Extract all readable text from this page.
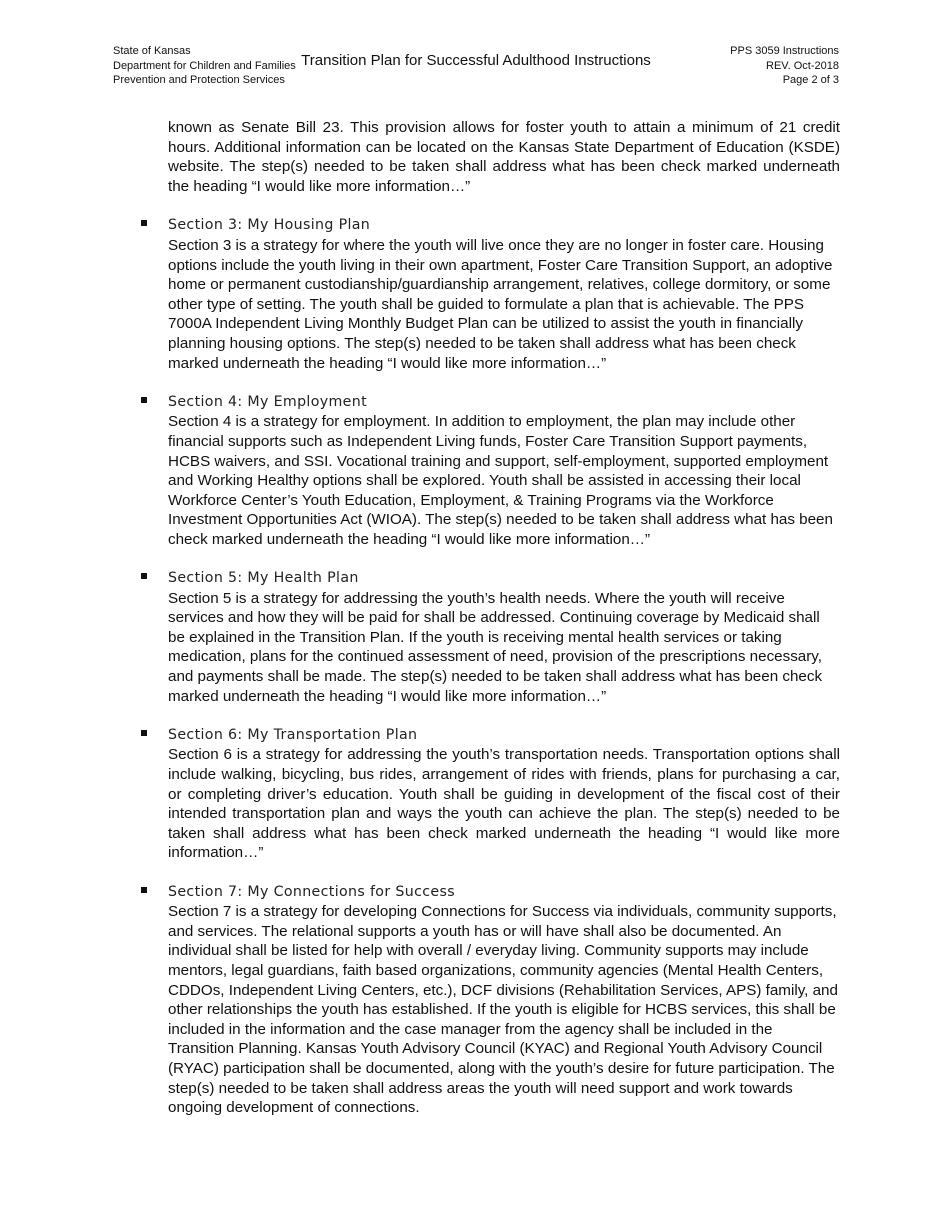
State of Kansas
Department for Children and Families
Prevention and Protection Services
Transition Plan for Successful Adulthood Instructions
PPS 3059 Instructions
REV. Oct-2018
Page 2 of 3

known as Senate Bill 23. This provision allows for foster youth to attain a minimum of 21 credit hours. Additional information can be located on the Kansas State Department of Education (KSDE) website. The step(s) needed to be taken shall address what has been check marked underneath the heading “I would like more information…”

Section 3: My Housing Plan
Section 3 is a strategy for where the youth will live once they are no longer in foster care. Housing options include the youth living in their own apartment, Foster Care Transition Support, an adoptive home or permanent custodianship/guardianship arrangement, relatives, college dormitory, or some other type of setting. The youth shall be guided to formulate a plan that is achievable. The PPS 7000A Independent Living Monthly Budget Plan can be utilized to assist the youth in financially planning housing options. The step(s) needed to be taken shall address what has been check marked underneath the heading “I would like more information…”
Section 4: My Employment
Section 4 is a strategy for employment. In addition to employment, the plan may include other financial supports such as Independent Living funds, Foster Care Transition Support payments, HCBS waivers, and SSI. Vocational training and support, self-employment, supported employment and Working Healthy options shall be explored. Youth shall be assisted in accessing their local Workforce Center’s Youth Education, Employment, & Training Programs via the Workforce Investment Opportunities Act (WIOA). The step(s) needed to be taken shall address what has been check marked underneath the heading “I would like more information…”
Section 5: My Health Plan
Section 5 is a strategy for addressing the youth’s health needs. Where the youth will receive services and how they will be paid for shall be addressed. Continuing coverage by Medicaid shall be explained in the Transition Plan. If the youth is receiving mental health services or taking medication, plans for the continued assessment of need, provision of the prescriptions necessary, and payments shall be made. The step(s) needed to be taken shall address what has been check marked underneath the heading “I would like more information…”
Section 6: My Transportation Plan
Section 6 is a strategy for addressing the youth’s transportation needs. Transportation options shall include walking, bicycling, bus rides, arrangement of rides with friends, plans for purchasing a car, or completing driver’s education. Youth shall be guiding in development of the fiscal cost of their intended transportation plan and ways the youth can achieve the plan. The step(s) needed to be taken shall address what has been check marked underneath the heading “I would like more information…”
Section 7: My Connections for Success
Section 7 is a strategy for developing Connections for Success via individuals, community supports, and services. The relational supports a youth has or will have shall also be documented. An individual shall be listed for help with overall / everyday living. Community supports may include mentors, legal guardians, faith based organizations, community agencies (Mental Health Centers, CDDOs, Independent Living Centers, etc.), DCF divisions (Rehabilitation Services, APS) family, and other relationships the youth has established. If the youth is eligible for HCBS services, this shall be included in the information and the case manager from the agency shall be included in the Transition Planning. Kansas Youth Advisory Council (KYAC) and Regional Youth Advisory Council (RYAC) participation shall be documented, along with the youth’s desire for future participation. The step(s) needed to be taken shall address areas the youth will need support and work towards ongoing development of connections.
